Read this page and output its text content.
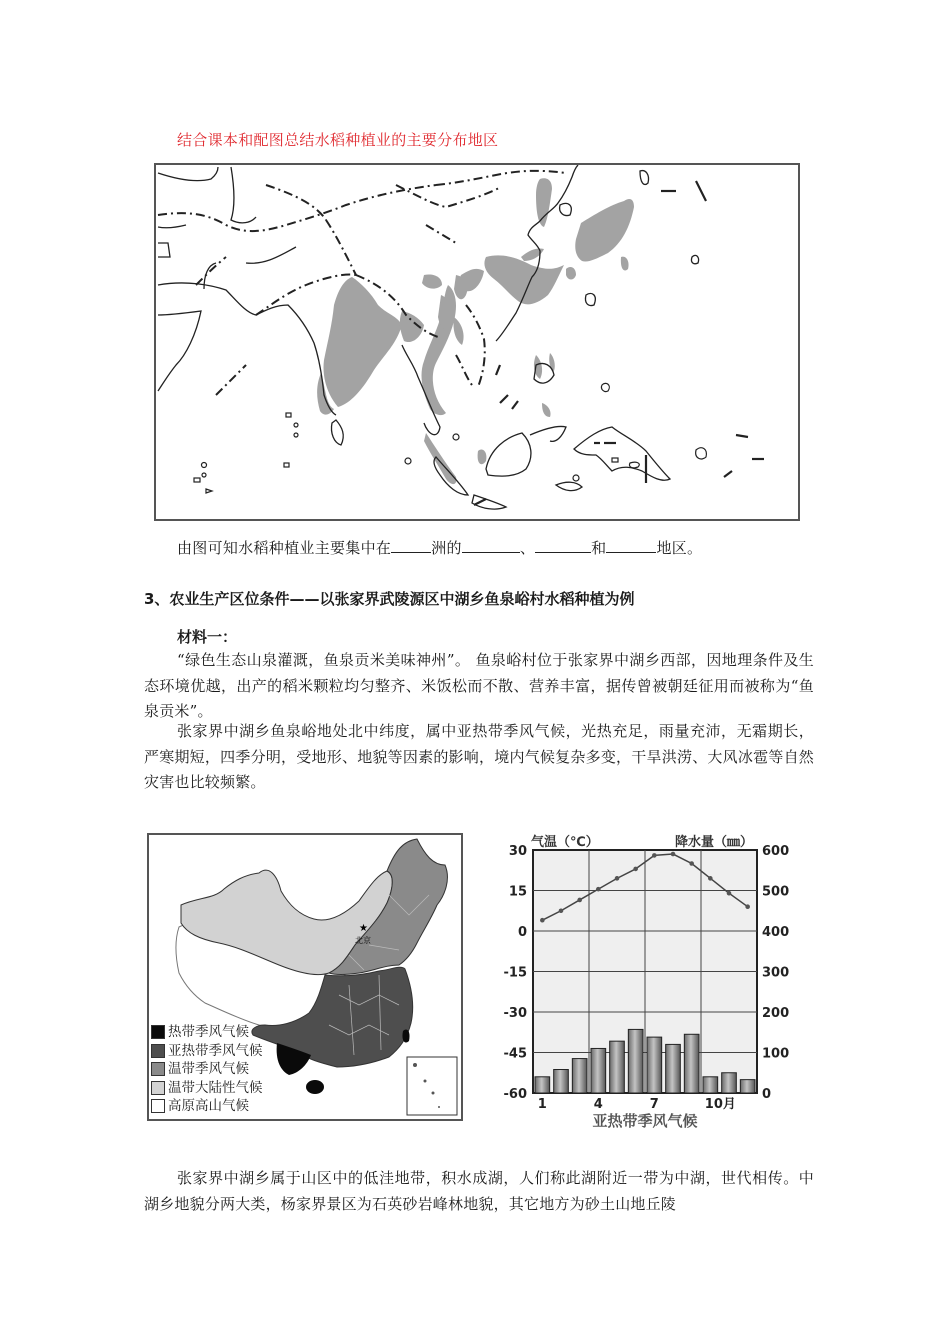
结合课本和配图总结水稻种植业的主要分布地区
由图可知水稻种植业主要集中在	洲的	、	和	地区。
3、农业生产区位条件——以张家界武陵源区中湖乡鱼泉峪村水稻种植为例
材料一：
“绿色生态山泉灌溉，鱼泉贡米美味神州”。 鱼泉峪村位于张家界中湖乡西部，因地理条件及生态环境优越，出产的稻米颗粒均匀整齐、米饭松而不散、营养丰富，据传曾被朝廷征用而被称为“鱼泉贡米”。
张家界中湖乡鱼泉峪地处北中纬度，属中亚热带季风气候，光热充足，雨量充沛，无霜期长，严寒期短，四季分明，受地形、地貌等因素的影响，境内气候复杂多变，干旱洪涝、大风冰雹等自然灾害也比较频繁。
★
北京
热带季风气候
亚热带季风气候
温带季风气候
温带大陆性气候
高原高山气候
气温（℃）	降水量（㎜）
30
15
0
-15
-30
-45
-60
600
500
400
300
200
100
0
1	4	7	10月
亚热带季风气候
张家界中湖乡属于山区中的低洼地带，积水成湖，人们称此湖附近一带为中湖，世代相传。中湖乡地貌分两大类，杨家界景区为石英砂岩峰林地貌，其它地方为砂土山地丘陵
